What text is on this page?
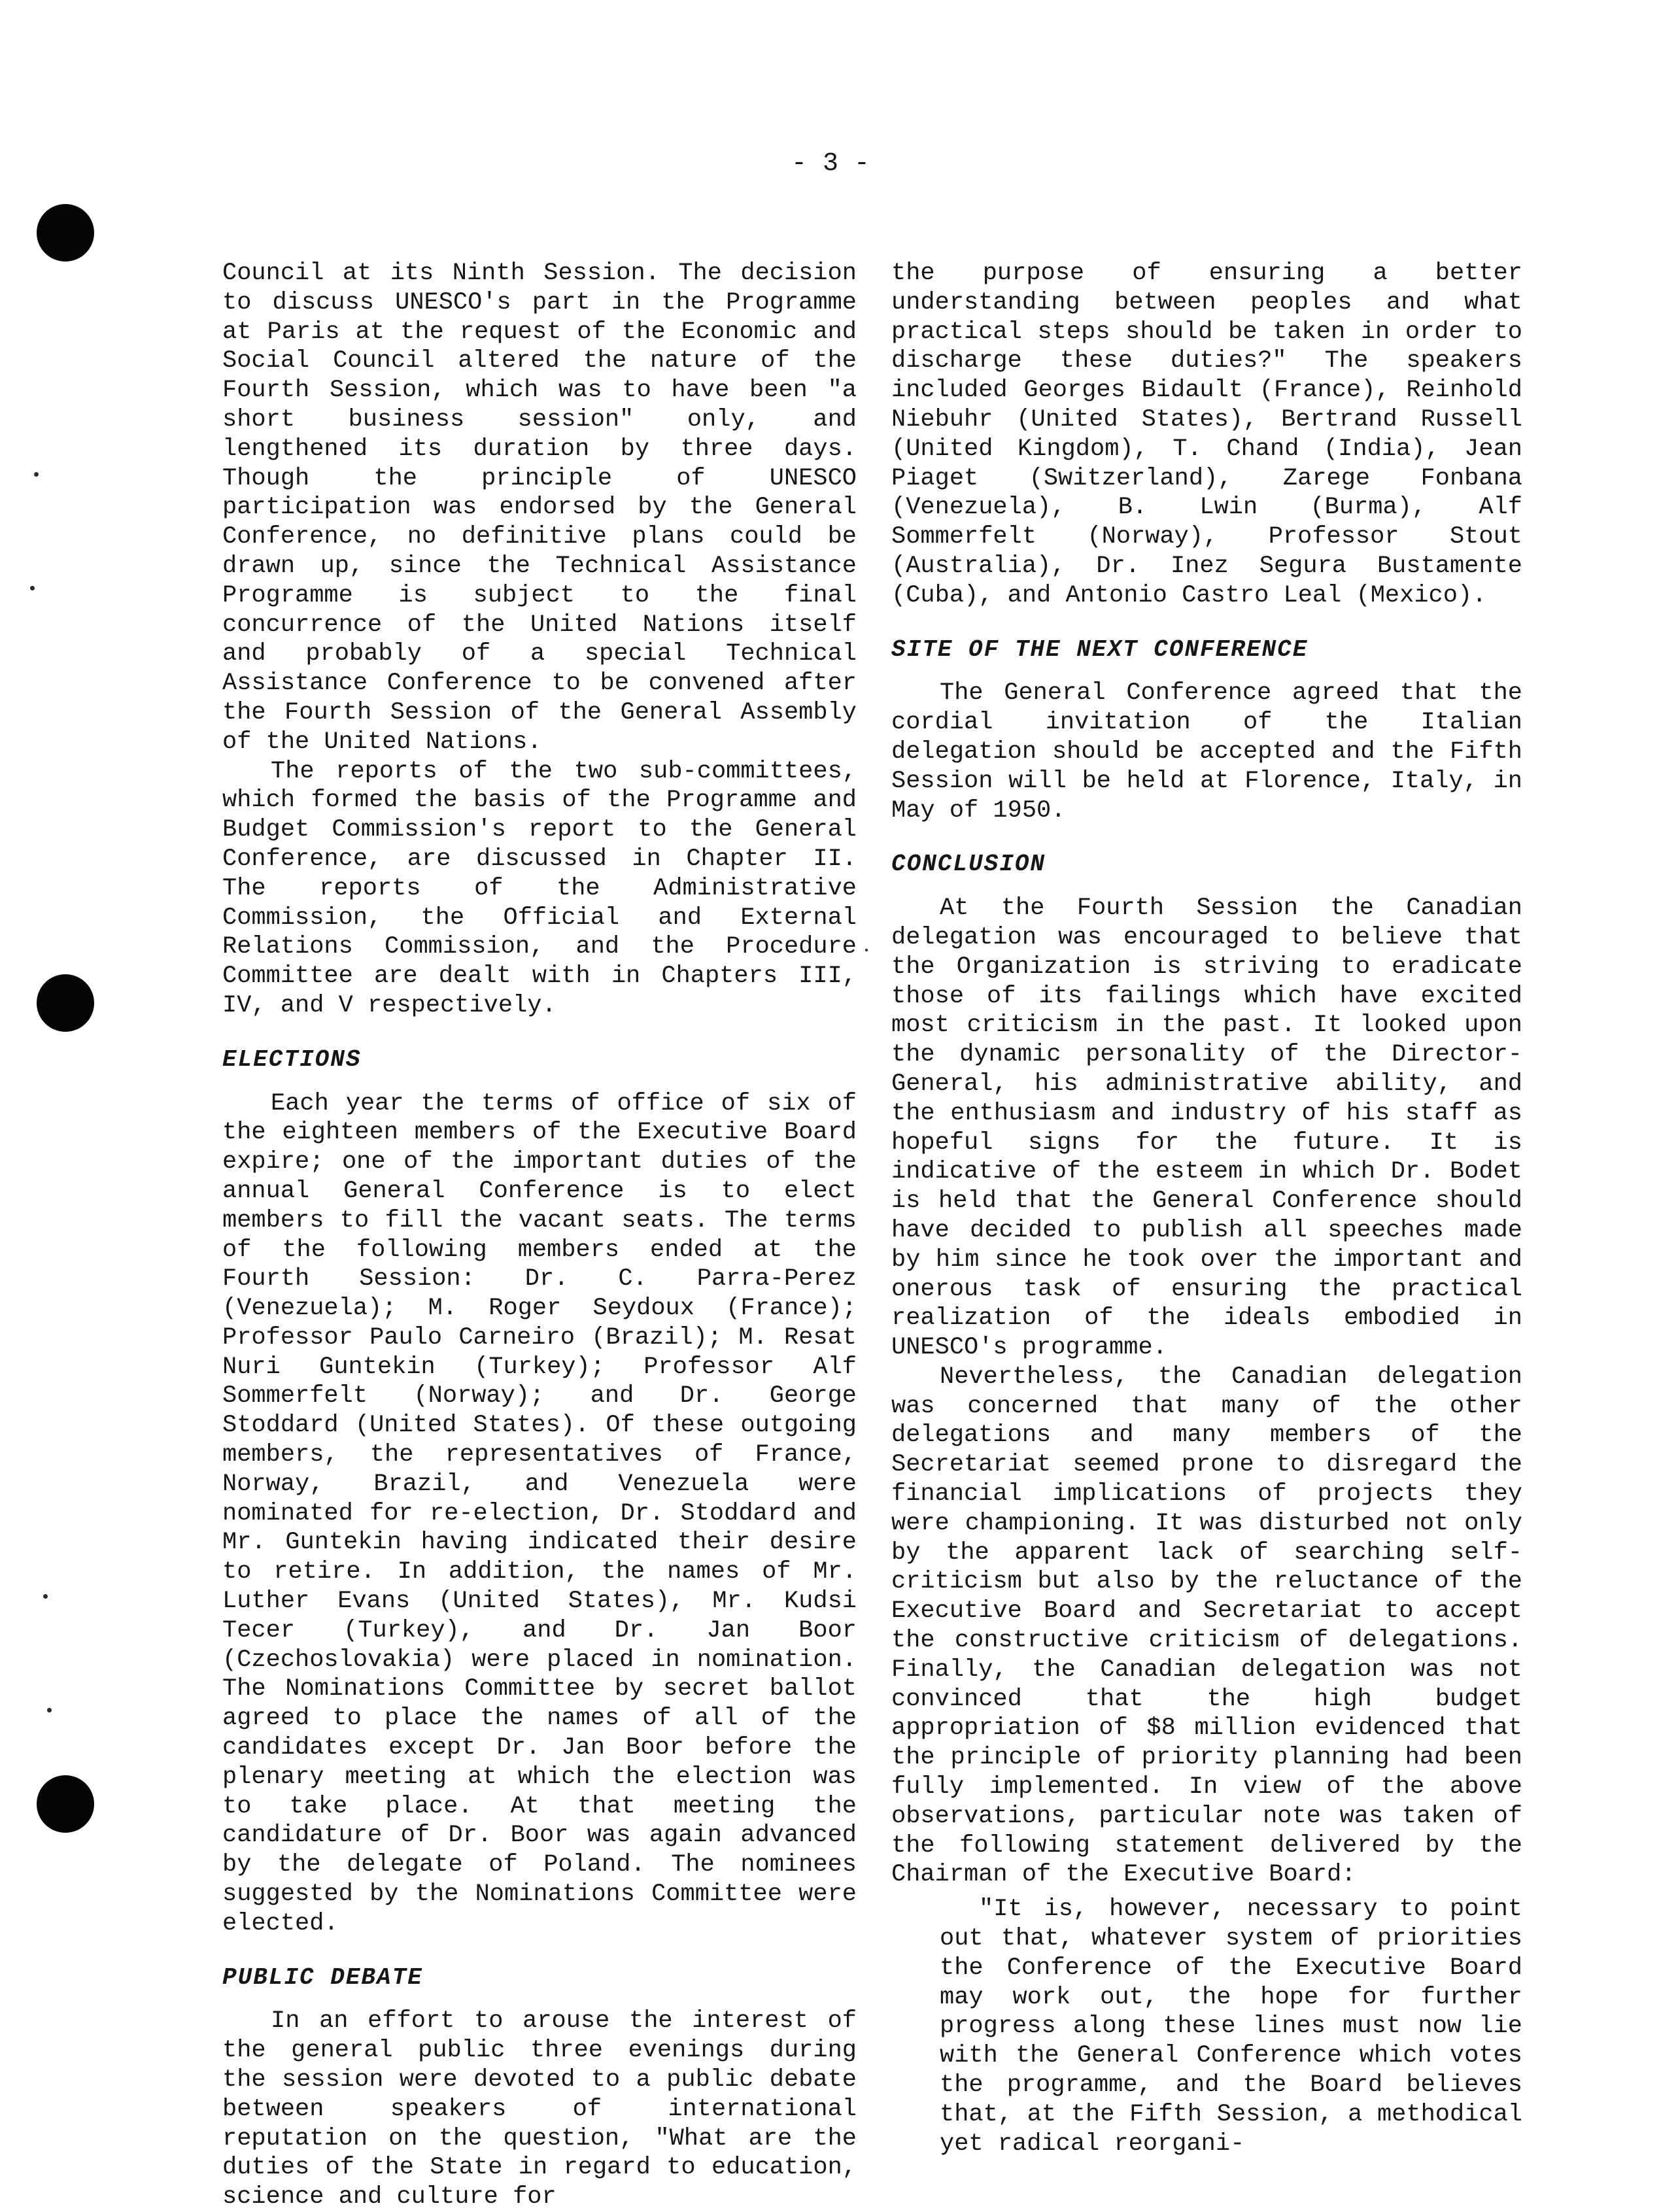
- 3 -

Council at its Ninth Session. The decision to discuss UNESCO's part in the Programme at Paris at the request of the Economic and Social Council altered the nature of the Fourth Session, which was to have been "a short business session" only, and lengthened its duration by three days. Though the principle of UNESCO participation was endorsed by the General Conference, no definitive plans could be drawn up, since the Technical Assistance Programme is subject to the final concurrence of the United Nations itself and probably of a special Technical Assistance Conference to be convened after the Fourth Session of the General Assembly of the United Nations.

The reports of the two sub-committees, which formed the basis of the Programme and Budget Commission's report to the General Conference, are discussed in Chapter II. The reports of the Administrative Commission, the Official and External Relations Commission, and the Procedure Committee are dealt with in Chapters III, IV, and V respectively.

ELECTIONS

Each year the terms of office of six of the eighteen members of the Executive Board expire; one of the important duties of the annual General Conference is to elect members to fill the vacant seats. The terms of the following members ended at the Fourth Session: Dr. C. Parra-Perez (Venezuela); M. Roger Seydoux (France); Professor Paulo Carneiro (Brazil); M. Resat Nuri Guntekin (Turkey); Professor Alf Sommerfelt (Norway); and Dr. George Stoddard (United States). Of these outgoing members, the representatives of France, Norway, Brazil, and Venezuela were nominated for re-election, Dr. Stoddard and Mr. Guntekin having indicated their desire to retire. In addition, the names of Mr. Luther Evans (United States), Mr. Kudsi Tecer (Turkey), and Dr. Jan Boor (Czechoslovakia) were placed in nomination. The Nominations Committee by secret ballot agreed to place the names of all of the candidates except Dr. Jan Boor before the plenary meeting at which the election was to take place. At that meeting the candidature of Dr. Boor was again advanced by the delegate of Poland. The nominees suggested by the Nominations Committee were elected.

PUBLIC DEBATE

In an effort to arouse the interest of the general public three evenings during the session were devoted to a public debate between speakers of international reputation on the question, "What are the duties of the State in regard to education, science and culture for

the purpose of ensuring a better understanding between peoples and what practical steps should be taken in order to discharge these duties?" The speakers included Georges Bidault (France), Reinhold Niebuhr (United States), Bertrand Russell (United Kingdom), T. Chand (India), Jean Piaget (Switzerland), Zarege Fonbana (Venezuela), B. Lwin (Burma), Alf Sommerfelt (Norway), Professor Stout (Australia), Dr. Inez Segura Bustamente (Cuba), and Antonio Castro Leal (Mexico).

SITE OF THE NEXT CONFERENCE

The General Conference agreed that the cordial invitation of the Italian delegation should be accepted and the Fifth Session will be held at Florence, Italy, in May of 1950.

CONCLUSION

At the Fourth Session the Canadian delegation was encouraged to believe that the Organization is striving to eradicate those of its failings which have excited most criticism in the past. It looked upon the dynamic personality of the Director-General, his administrative ability, and the enthusiasm and industry of his staff as hopeful signs for the future. It is indicative of the esteem in which Dr. Bodet is held that the General Conference should have decided to publish all speeches made by him since he took over the important and onerous task of ensuring the practical realization of the ideals embodied in UNESCO's programme.

Nevertheless, the Canadian delegation was concerned that many of the other delegations and many members of the Secretariat seemed prone to disregard the financial implications of projects they were championing. It was disturbed not only by the apparent lack of searching self-criticism but also by the reluctance of the Executive Board and Secretariat to accept the constructive criticism of delegations. Finally, the Canadian delegation was not convinced that the high budget appropriation of $8 million evidenced that the principle of priority planning had been fully implemented. In view of the above observations, particular note was taken of the following statement delivered by the Chairman of the Executive Board:

"It is, however, necessary to point out that, whatever system of priorities the Conference of the Executive Board may work out, the hope for further progress along these lines must now lie with the General Conference which votes the programme, and the Board believes that, at the Fifth Session, a methodical yet radical reorgani-
